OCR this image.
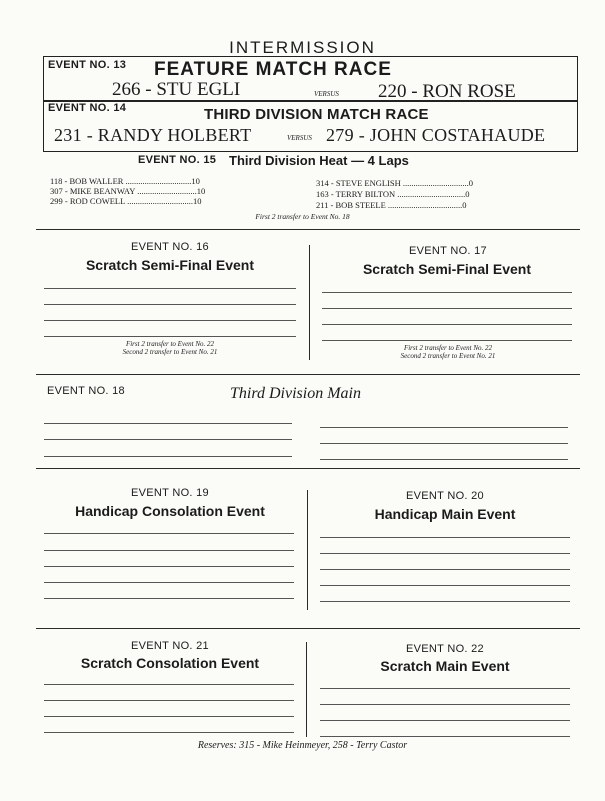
INTERMISSION
EVENT NO. 13 FEATURE MATCH RACE
266 - STU EGLI	VERSUS 220 - RON ROSE
EVENT NO. 14	THIRD DIVISION MATCH RACE
231 - RANDY HOLBERT	VERSUS 279 - JOHN COSTAHAUDE
EVENT NO. 15 Third Division Heat — 4 Laps
118 - BOB WALLER ...............................10
307 - MIKE BEANWAY ............................10
299 - ROD COWELL ...............................10
314 - STEVE ENGLISH ...............................0
163 - TERRY BILTON ................................0
211 - BOB STEELE ...................................0
First 2 transfer to Event No. 18
EVENT NO. 16
Scratch Semi-Final Event
First 2 transfer to Event No. 22
Second 2 transfer to Event No. 21
EVENT NO. 17
Scratch Semi-Final Event
First 2 transfer to Event No. 22
Second 2 transfer to Event No. 21
EVENT NO. 18	Third Division Main
EVENT NO. 19
Handicap Consolation Event
EVENT NO. 20
Handicap Main Event
EVENT NO. 21
Scratch Consolation Event
EVENT NO. 22
Scratch Main Event
Reserves: 315 - Mike Heinmeyer, 258 - Terry Castor
